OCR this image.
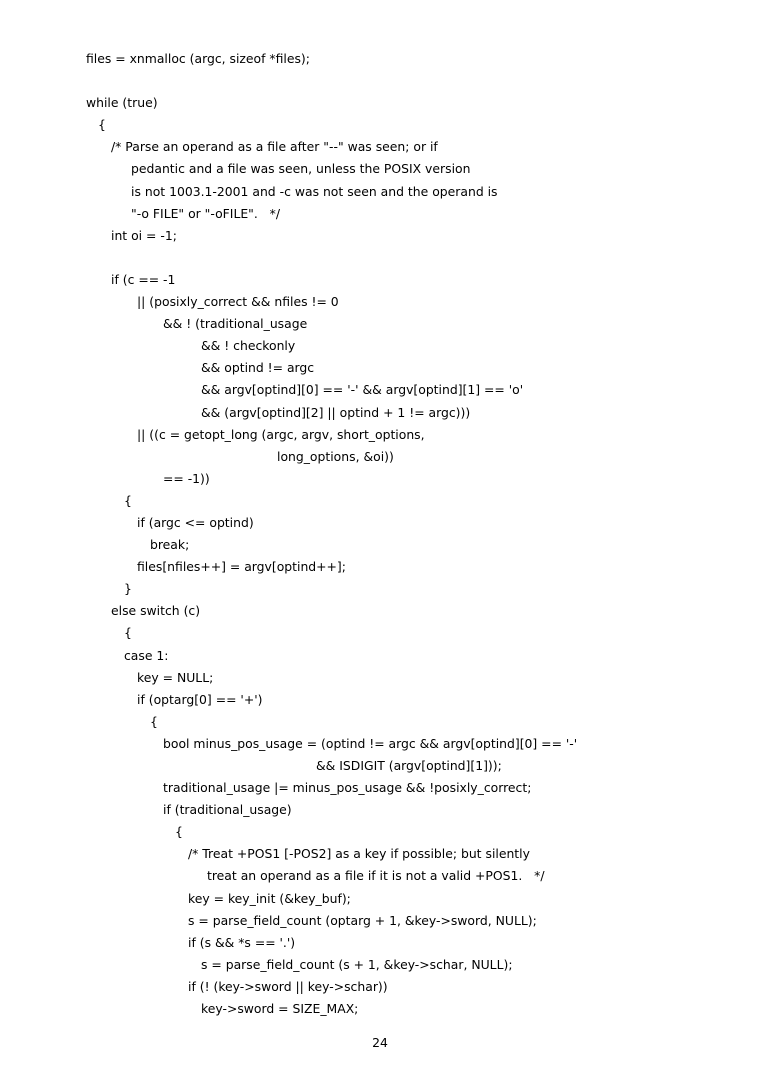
files = xnmalloc (argc, sizeof *files);
while (true)
{
/* Parse an operand as a file after "--" was seen; or if
pedantic and a file was seen, unless the POSIX version
is not 1003.1-2001 and -c was not seen and the operand is
"-o FILE" or "-oFILE".   */
int oi = -1;
if (c == -1
|| (posixly_correct && nfiles != 0
&& ! (traditional_usage
&& ! checkonly
&& optind != argc
&& argv[optind][0] == '-' && argv[optind][1] == 'o'
&& (argv[optind][2] || optind + 1 != argc)))
|| ((c = getopt_long (argc, argv, short_options,
long_options, &oi))
== -1))
{
if (argc <= optind)
break;
files[nfiles++] = argv[optind++];
}
else switch (c)
{
case 1:
key = NULL;
if (optarg[0] == '+')
{
bool minus_pos_usage = (optind != argc && argv[optind][0] == '-'
&& ISDIGIT (argv[optind][1]));
traditional_usage |= minus_pos_usage && !posixly_correct;
if (traditional_usage)
{
/* Treat +POS1 [-POS2] as a key if possible; but silently
treat an operand as a file if it is not a valid +POS1.   */
key = key_init (&key_buf);
s = parse_field_count (optarg + 1, &key->sword, NULL);
if (s && *s == '.')
s = parse_field_count (s + 1, &key->schar, NULL);
if (! (key->sword || key->schar))
key->sword = SIZE_MAX;
24
